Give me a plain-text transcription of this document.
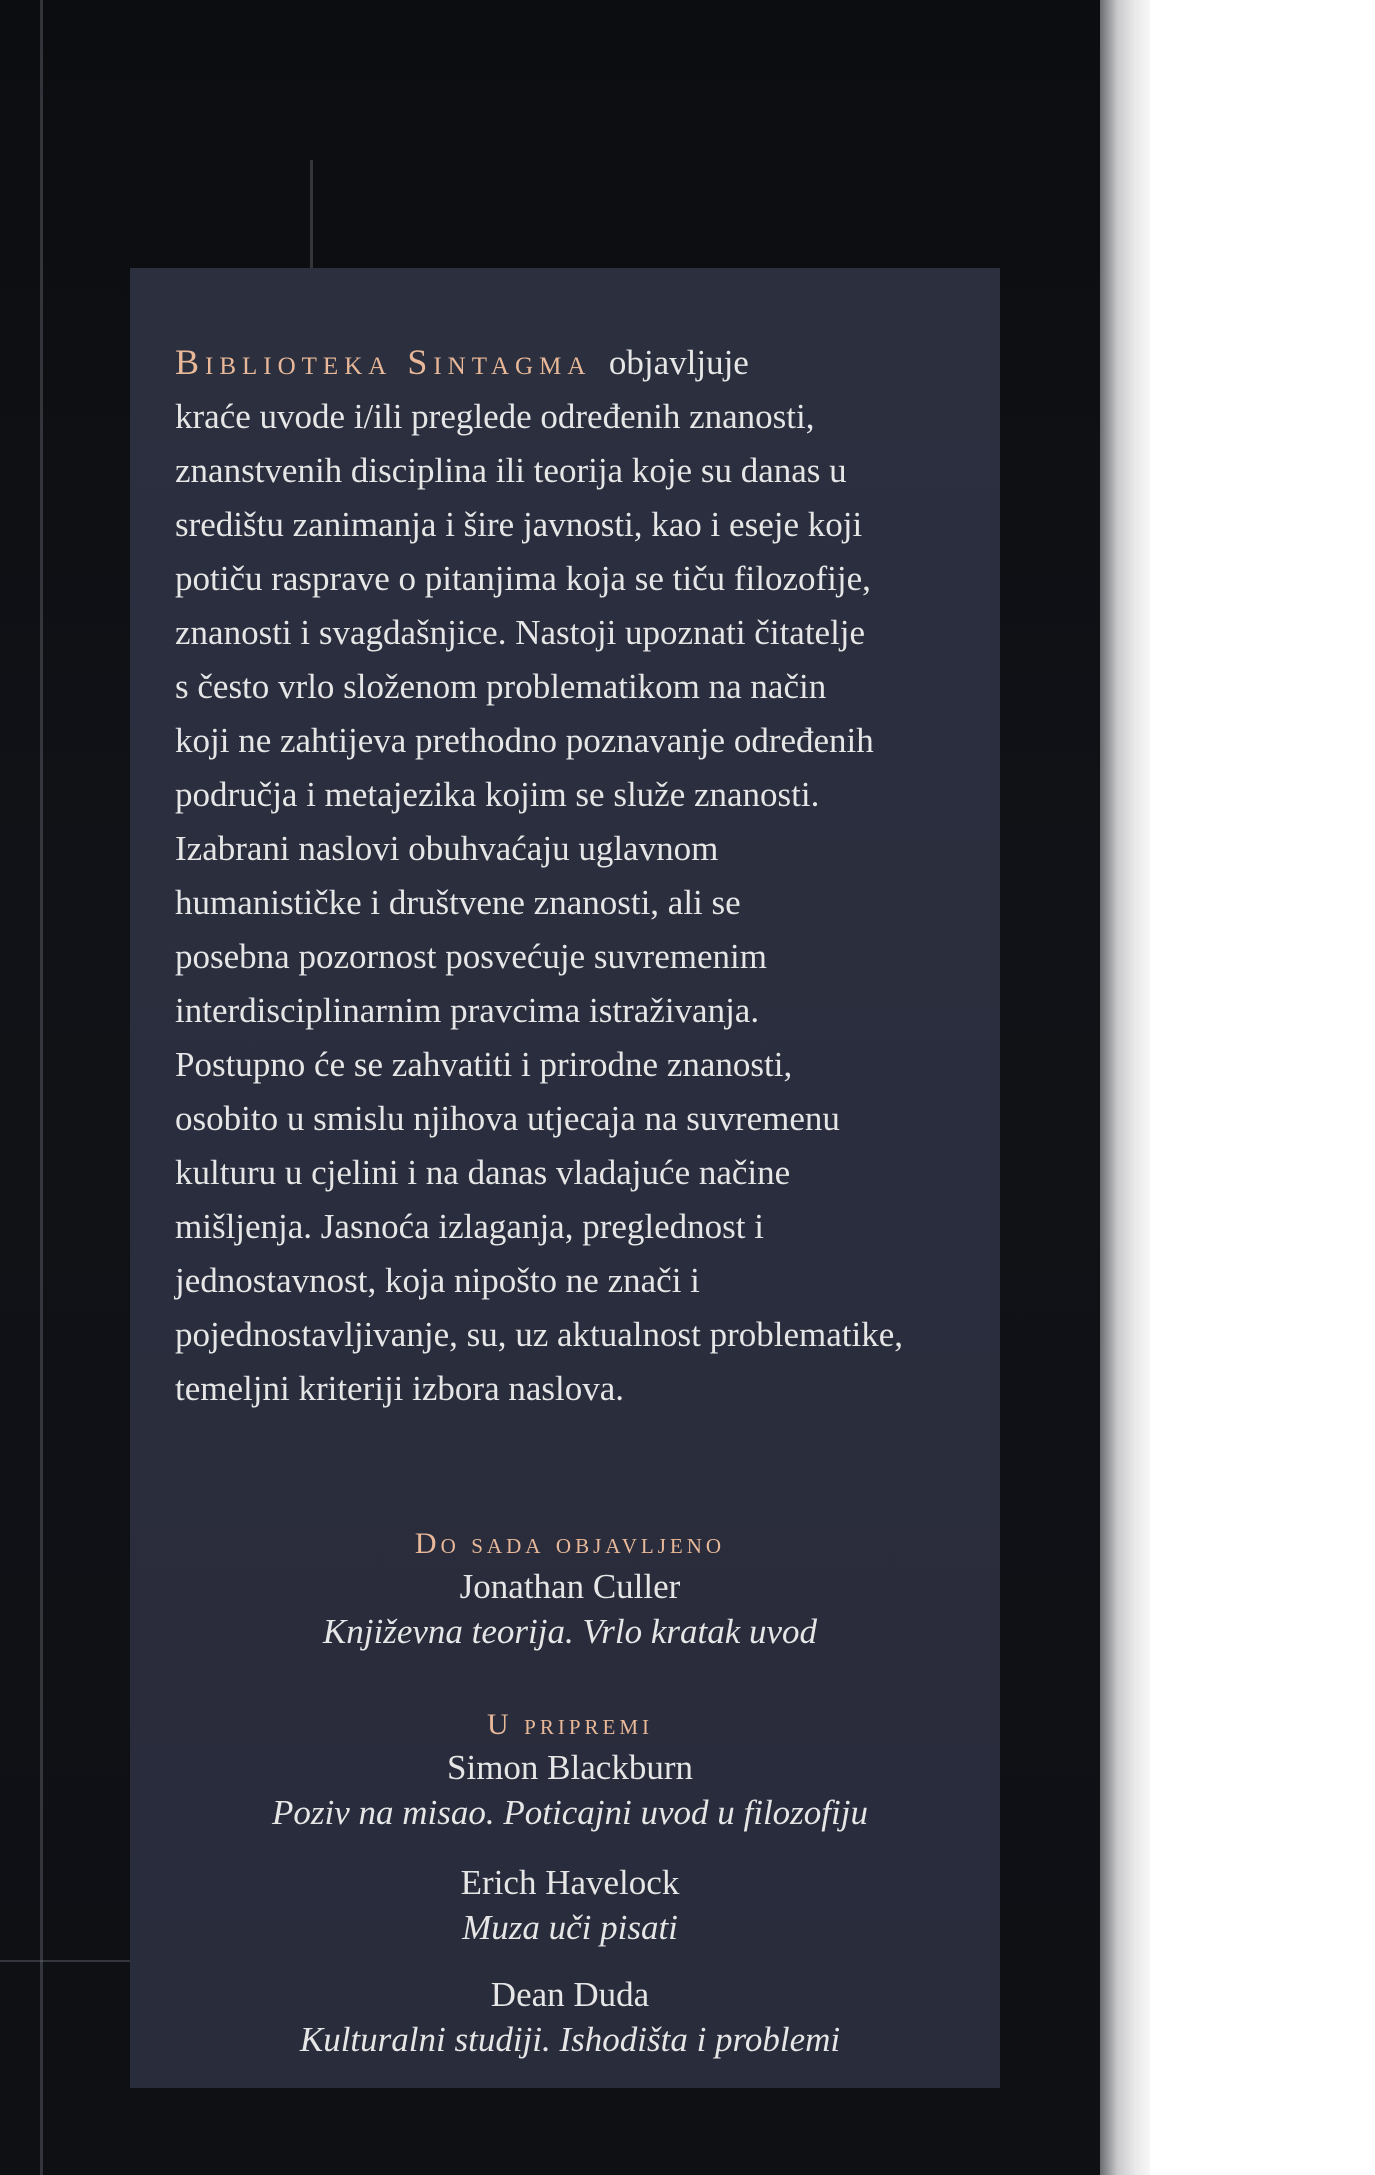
Biblioteka Sintagma objavljuje
kraće uvode i/ili preglede određenih znanosti,
znanstvenih disciplina ili teorija koje su danas u
središtu zanimanja i šire javnosti, kao i eseje koji
potiču rasprave o pitanjima koja se tiču filozofije,
znanosti i svagdašnjice. Nastoji upoznati čitatelje
s često vrlo složenom problematikom na način
koji ne zahtijeva prethodno poznavanje određenih
područja i metajezika kojim se služe znanosti.
Izabrani naslovi obuhvaćaju uglavnom
humanističke i društvene znanosti, ali se
posebna pozornost posvećuje suvremenim
interdisciplinarnim pravcima istraživanja.
Postupno će se zahvatiti i prirodne znanosti,
osobito u smislu njihova utjecaja na suvremenu
kulturu u cjelini i na danas vladajuće načine
mišljenja. Jasnoća izlaganja, preglednost i
jednostavnost, koja nipošto ne znači i
pojednostavljivanje, su, uz aktualnost problematike,
temeljni kriteriji izbora naslova.
Do sada objavljeno
Jonathan Culler
Književna teorija. Vrlo kratak uvod
U pripremi
Simon Blackburn
Poziv na misao. Poticajni uvod u filozofiju
Erich Havelock
Muza uči pisati
Dean Duda
Kulturalni studiji. Ishodišta i problemi
